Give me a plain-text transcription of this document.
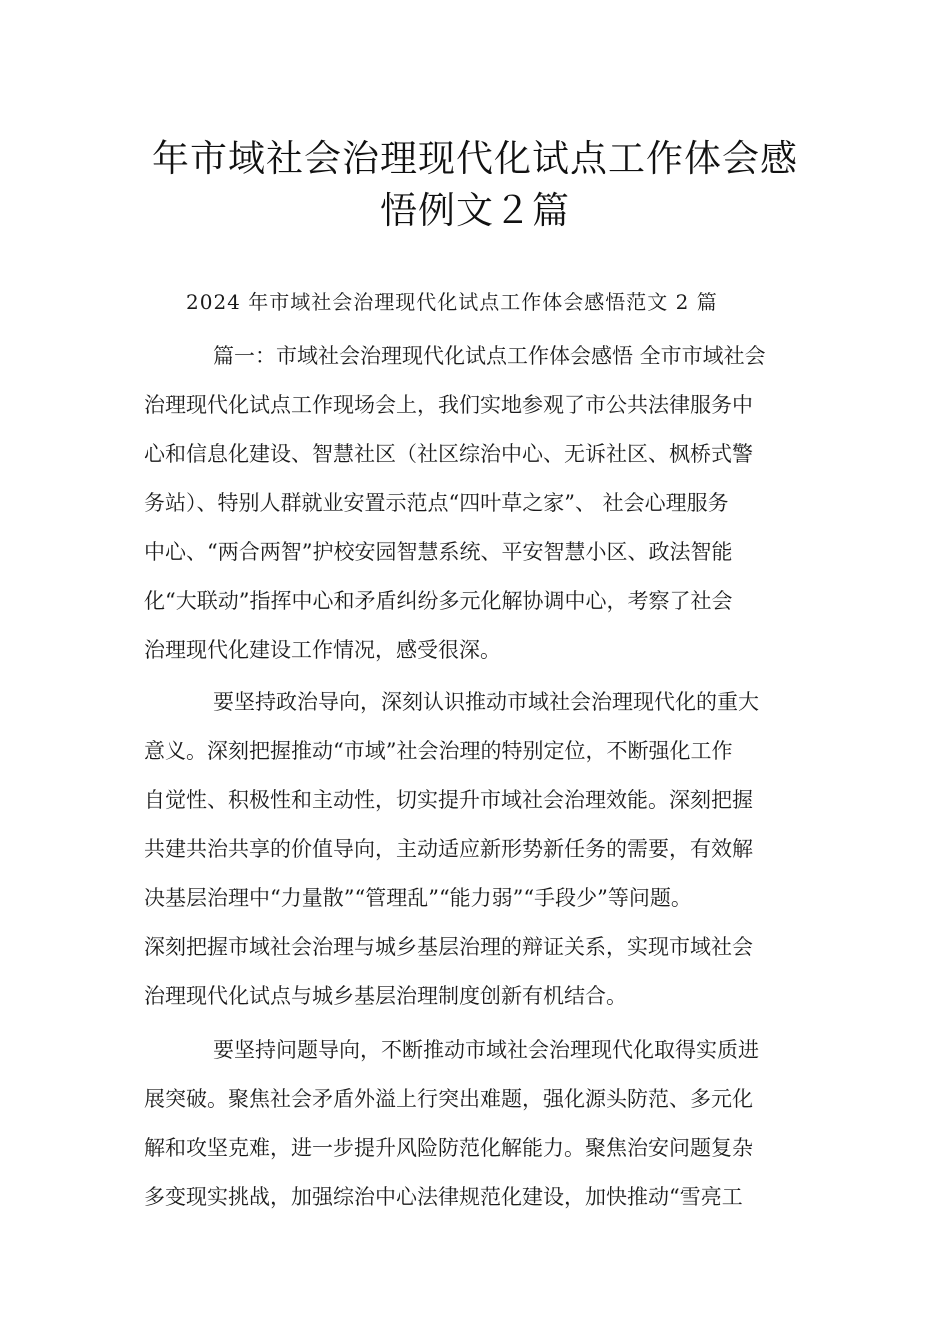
年市域社会治理现代化试点工作体会感
悟例文２篇
2024 年市域社会治理现代化试点工作体会感悟范文 2 篇
篇一：市域社会治理现代化试点工作体会感悟 全市市域社会
治理现代化试点工作现场会上，我们实地参观了市公共法律服务中
心和信息化建设、智慧社区（社区综治中心、无诉社区、枫桥式警
务站）、特别人群就业安置示范点“四叶草之家”、 社会心理服务
中心、“两合两智”护校安园智慧系统、平安智慧小区、政法智能
化“大联动”指挥中心和矛盾纠纷多元化解协调中心，考察了社会
治理现代化建设工作情况，感受很深。
要坚持政治导向，深刻认识推动市域社会治理现代化的重大
意义。深刻把握推动“市域”社会治理的特别定位，不断强化工作
自觉性、积极性和主动性，切实提升市域社会治理效能。深刻把握
共建共治共享的价值导向，主动适应新形势新任务的需要，有效解
决基层治理中“力量散”“管理乱”“能力弱”“手段少”等问题。
深刻把握市域社会治理与城乡基层治理的辩证关系，实现市域社会
治理现代化试点与城乡基层治理制度创新有机结合。
要坚持问题导向，不断推动市域社会治理现代化取得实质进
展突破。聚焦社会矛盾外溢上行突出难题，强化源头防范、多元化
解和攻坚克难，进一步提升风险防范化解能力。聚焦治安问题复杂
多变现实挑战，加强综治中心法律规范化建设，加快推动“雪亮工
